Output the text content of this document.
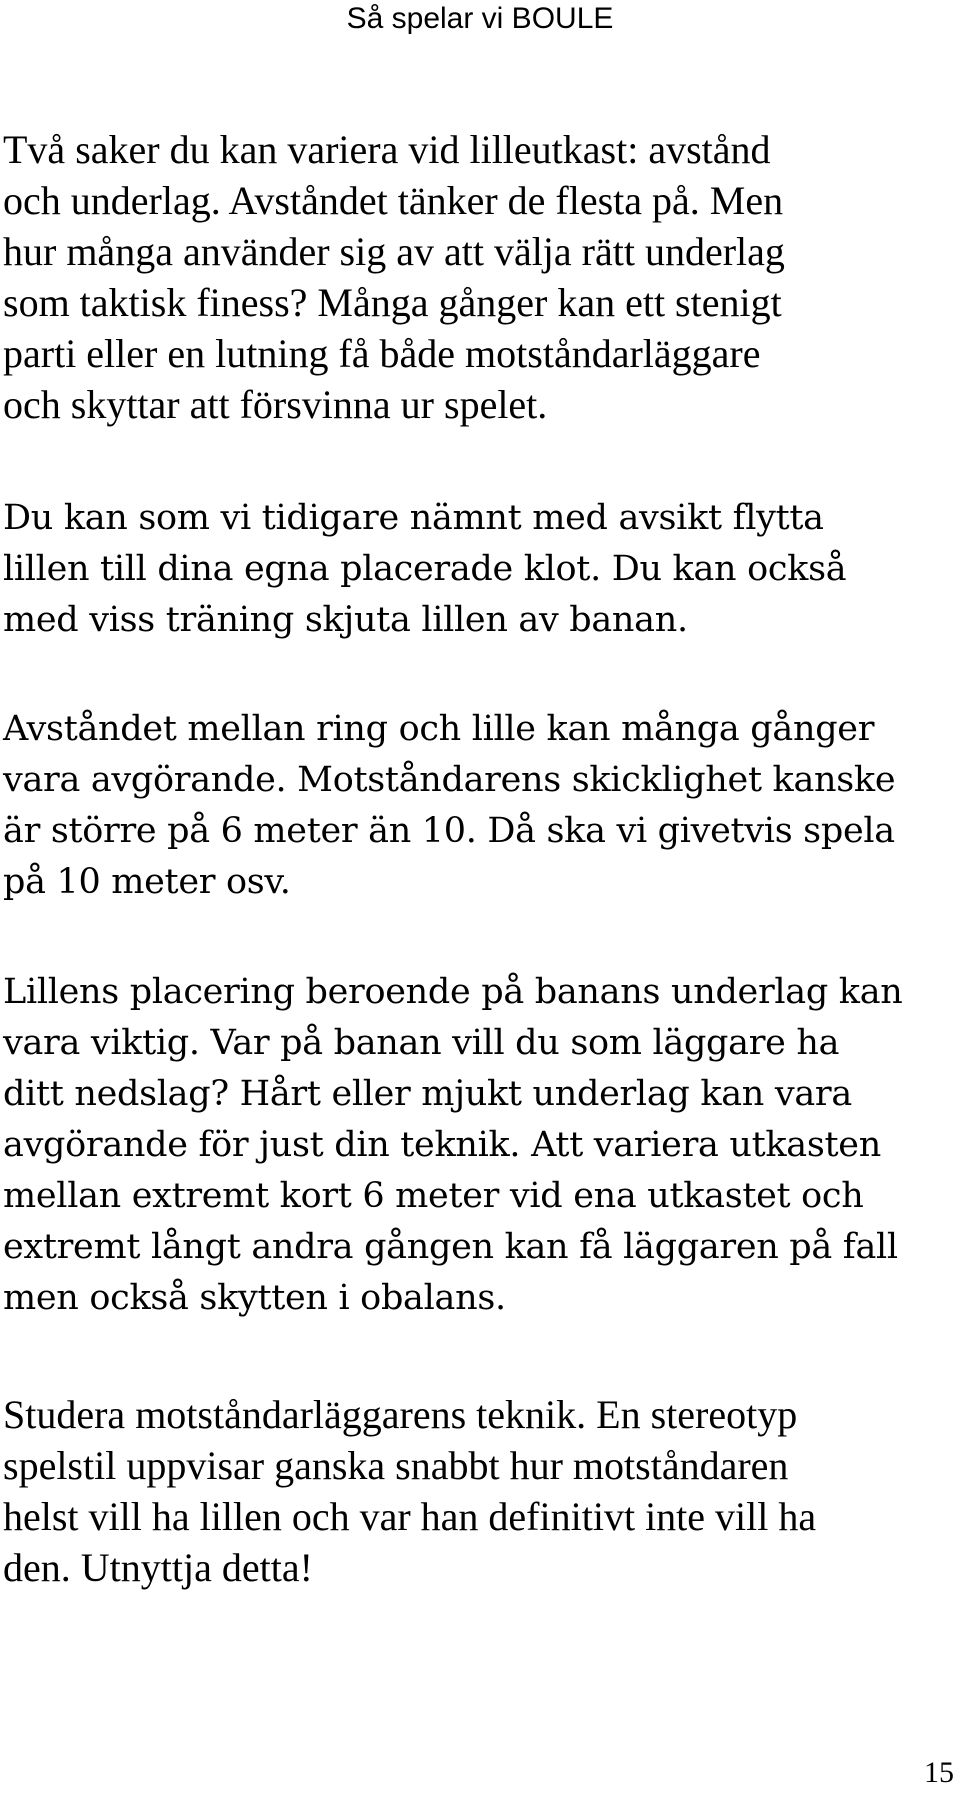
Så spelar vi BOULE

Två saker du kan variera vid lilleutkast: avstånd
och underlag. Avståndet tänker de flesta på. Men
hur många använder sig av att välja rätt underlag
som taktisk finess? Många gånger kan ett stenigt
parti eller en lutning få både motståndarläggare
och skyttar att försvinna ur spelet.

Du kan som vi tidigare nämnt med avsikt flytta
lillen till dina egna placerade klot. Du kan också
med viss träning skjuta lillen av banan.

Avståndet mellan ring och lille kan många gånger
vara avgörande. Motståndarens skicklighet kanske
är större på 6 meter än 10. Då ska vi givetvis spela
på 10 meter osv.

Lillens placering beroende på banans underlag kan
vara viktig. Var på banan vill du som läggare ha
ditt nedslag? Hårt eller mjukt underlag kan vara
avgörande för just din teknik. Att variera utkasten
mellan extremt kort 6 meter vid ena utkastet och
extremt långt andra gången kan få läggaren på fall
men också skytten i obalans.

Studera motståndarläggarens teknik. En stereotyp
spelstil uppvisar ganska snabbt hur motståndaren
helst vill ha lillen och var han definitivt inte vill ha
den. Utnyttja detta!

15
